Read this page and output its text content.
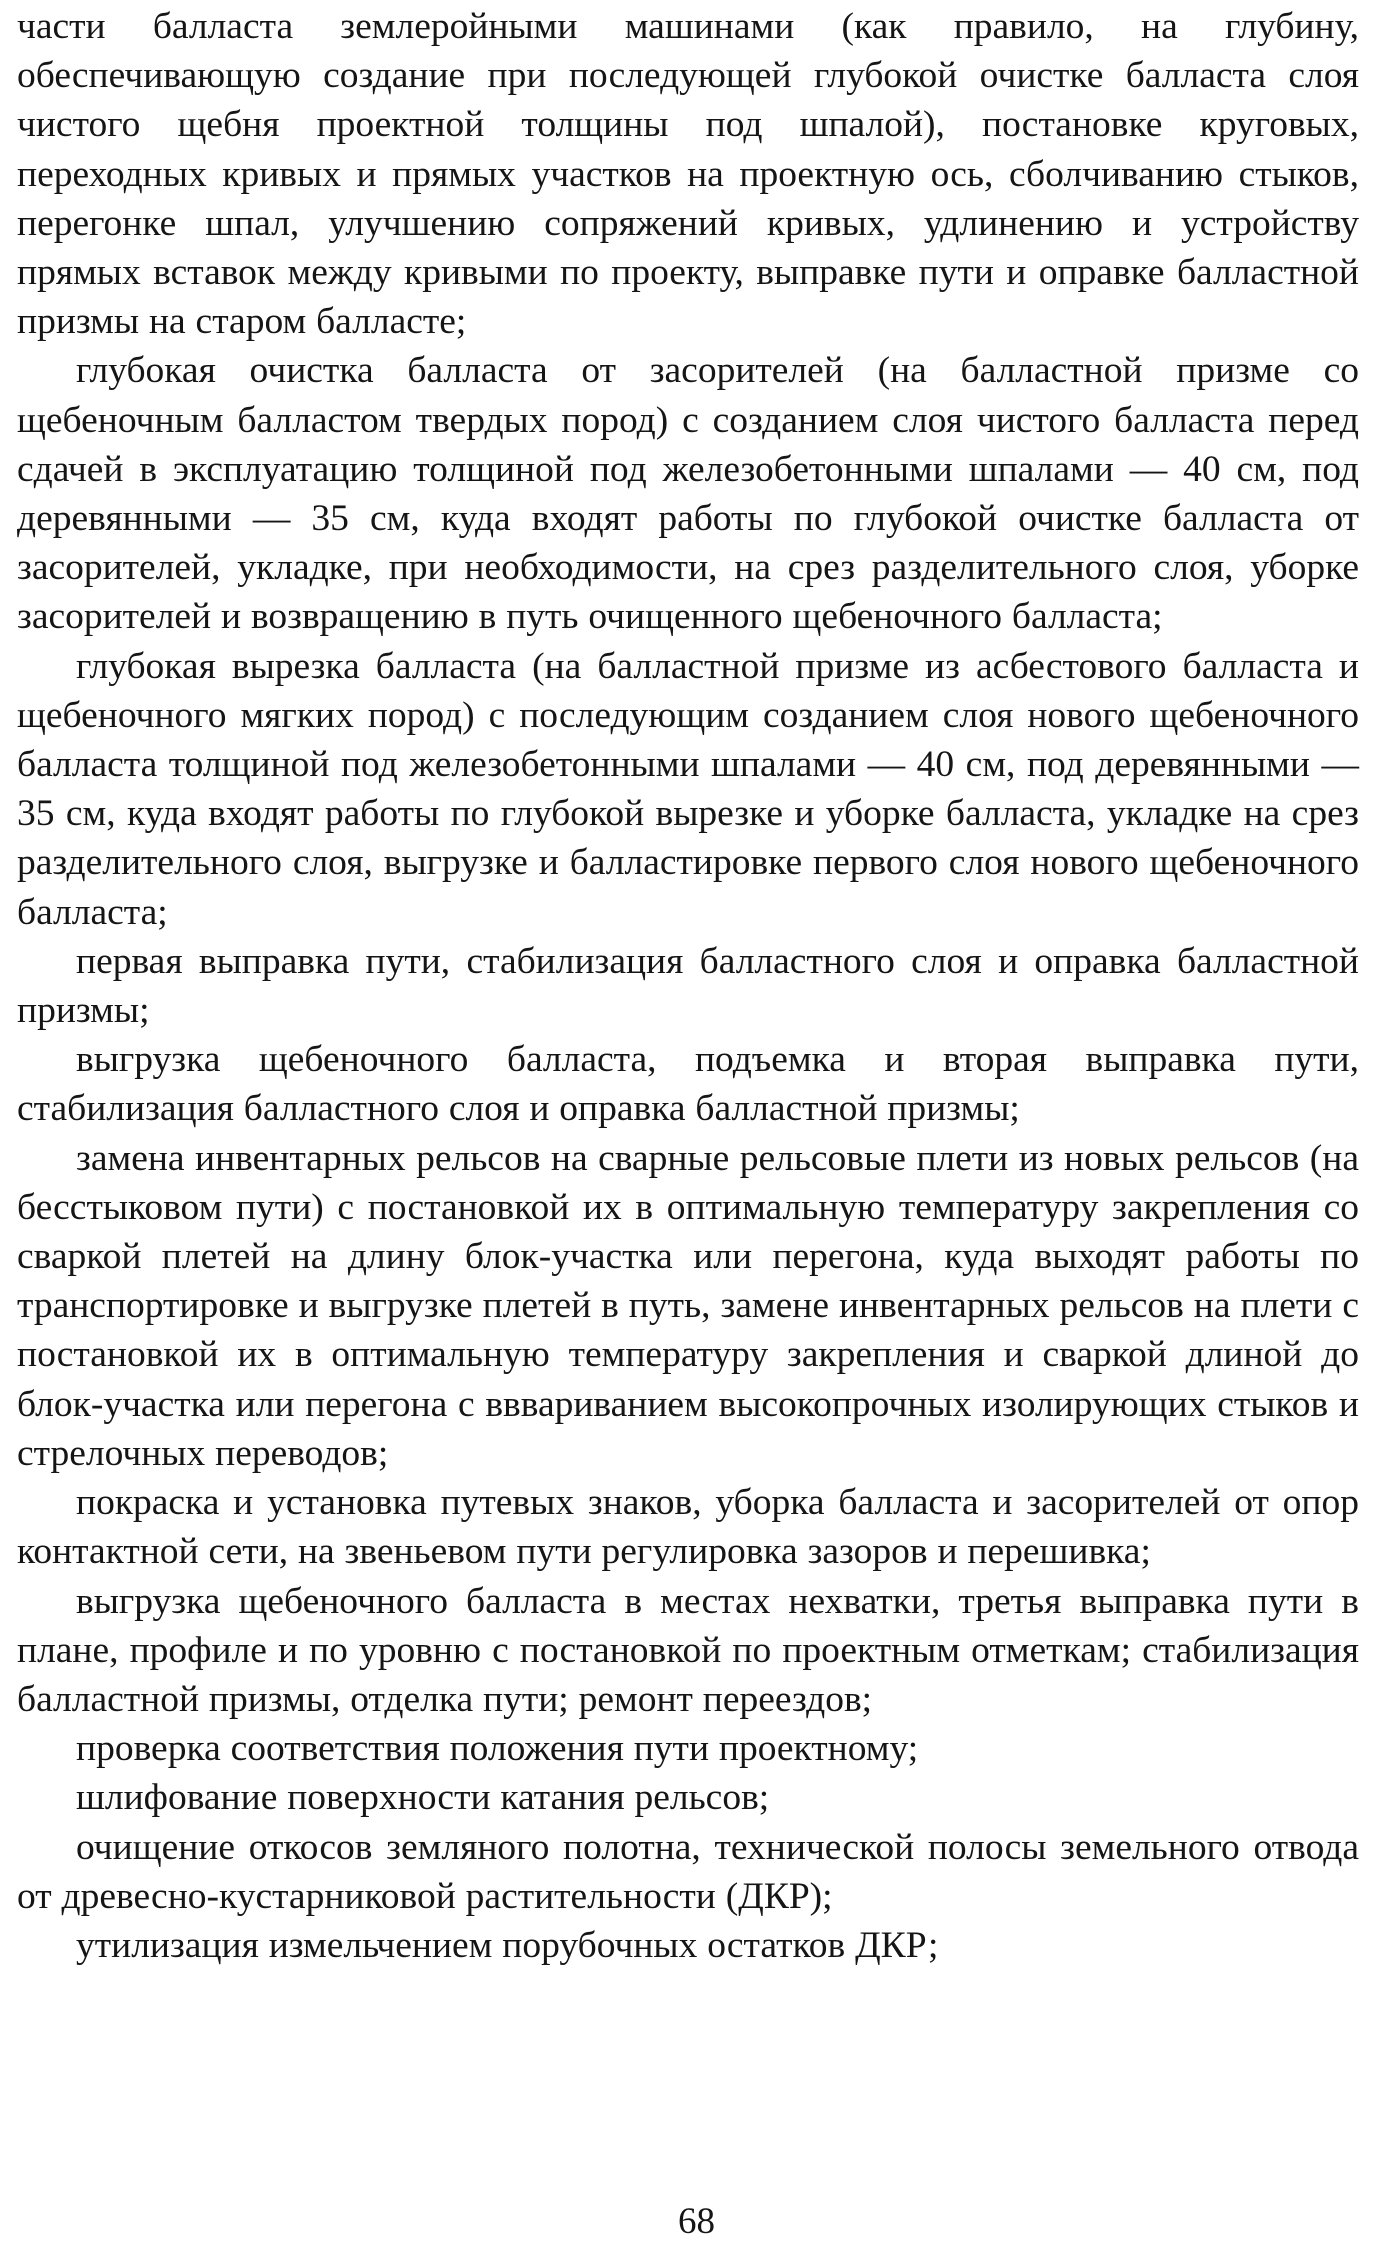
части балласта землеройными машинами (как правило, на глубину, обеспечивающую создание при последующей глубокой очистке балласта слоя чистого щебня проектной толщины под шпалой), постановке круговых, переходных кривых и прямых участков на проектную ось, сболчиванию стыков, перегонке шпал, улучшению сопряжений кривых, удлинению и устройству прямых вставок между кривыми по проекту, выправке пути и оправке балластной призмы на старом балласте;

глубокая очистка балласта от засорителей (на балластной призме со щебеночным балластом твердых пород) с созданием слоя чистого балласта перед сдачей в эксплуатацию толщиной под железобетонными шпалами — 40 см, под деревянными — 35 см, куда входят работы по глубокой очистке балласта от засорителей, укладке, при необходимости, на срез разделительного слоя, уборке засорителей и возвращению в путь очищенного щебеночного балласта;

глубокая вырезка балласта (на балластной призме из асбестового балласта и щебеночного мягких пород) с последующим созданием слоя нового щебеночного балласта толщиной под железобетонными шпалами — 40 см, под деревянными — 35 см, куда входят работы по глубокой вырезке и уборке балласта, укладке на срез разделительного слоя, выгрузке и балластировке первого слоя нового щебеночного балласта;

первая выправка пути, стабилизация балластного слоя и оправка балластной призмы;

выгрузка щебеночного балласта, подъемка и вторая выправка пути, стабилизация балластного слоя и оправка балластной призмы;

замена инвентарных рельсов на сварные рельсовые плети из новых рельсов (на бесстыковом пути) с постановкой их в оптимальную температуру закрепления со сваркой плетей на длину блок-участка или перегона, куда выходят работы по транспортировке и выгрузке плетей в путь, замене инвентарных рельсов на плети с постановкой их в оптимальную температуру закрепления и сваркой длиной до блок-участка или перегона с вввариванием высокопрочных изолирующих стыков и стрелочных переводов;

покраска и установка путевых знаков, уборка балласта и засорителей от опор контактной сети, на звеньевом пути регулировка зазоров и перешивка;

выгрузка щебеночного балласта в местах нехватки, третья выправка пути в плане, профиле и по уровню с постановкой по проектным отметкам; стабилизация балластной призмы, отделка пути; ремонт переездов;

проверка соответствия положения пути проектному;

шлифование поверхности катания рельсов;

очищение откосов земляного полотна, технической полосы земельного отвода от древесно-кустарниковой растительности (ДКР);

утилизация измельчением порубочных остатков ДКР;

68
